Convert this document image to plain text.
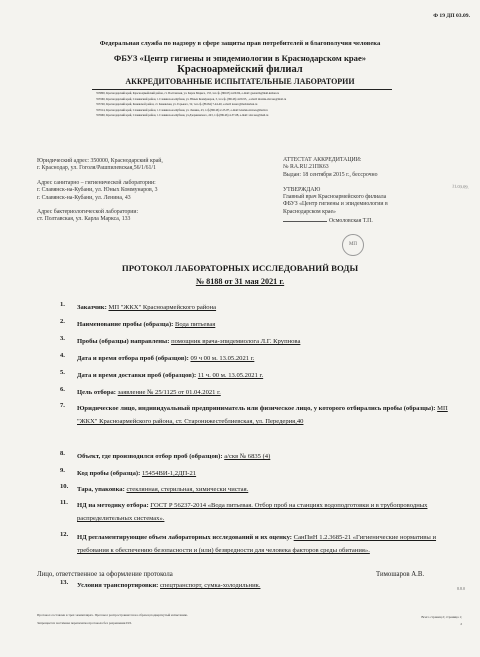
Ф 19 ДП 03.09.
Федеральная служба по надзору в сфере защиты прав потребителей и благополучия человека
ФБУЗ «Центр гигиены и эпидемиологии в Краснодарском крае»
Красноармейский филиал
АККРЕДИТОВАННЫЕ ИСПЫТАТЕЛЬНЫЕ ЛАБОРАТОРИИ
353800, Краснодарский край, Красноармейский район, ст. Полтавская, ул. Карла Маркса, 133, тел./ф. (86165) 4-09-84, e-mail: gsenarm@mail.kuban.ru
353560, Краснодарский край, Славянский район, г. Славянск-на-Кубани, ул. Юных Коммунаров, 3, тел./ф. (86146) 4-09-95, , e-mail: kisslak-slavses@mail.ru
353740, Краснодарский край, Каневской район, ст. Каневская, ул. Горького, 52, тел./ф. (86164) 7-44-40, e-mail: kasev@mail.kuban.ru
353514, Краснодарский край, Славянский район, г. Славянск-на-Кубани, ул. Ленина, 43, т./ф.(86146) 2-25-87, e-mail: kisslak-slavses@mail.ru
353960, Краснодарский край, Славянский район, г. Славянск-на-Кубани, ул.Дзержинского, 243, т./ф.(86146) 4-37-68, e-mail: slav.ses@mail.ru
Юридический адрес: 350000, Краснодарский край,
г. Краснодар, ул. Гоголя/Рашпилевская,56/1/61/1
Адрес санитарно – гигиенической лаборатории:
г. Славянск-на-Кубани, ул. Юных Коммунаров, 3
г. Славянск-на-Кубани, ул. Ленина, 43
Адрес бактериологической лаборатории:
ст. Полтавская, ул. Карла Маркса, 133
АТТЕСТАТ АККРЕДИТАЦИИ:
№ RA.RU.21ПК63
Выдан: 18 сентября 2015 г., бессрочно
УТВЕРЖДАЮ
Главный врач Красноармейского филиала
ФБУЗ «Центр гигиены и эпидемиологии в
Краснодарском крае»
Осмоловская Т.П.
11.03.09.
МП
ПРОТОКОЛ ЛАБОРАТОРНЫХ ИССЛЕДОВАНИЙ ВОДЫ
№ 8188 от 31 мая 2021 г.
1. Заказчик: МП "ЖКХ" Красноармейского района
2. Наименование пробы (образца): Вода питьевая
3. Пробы (образцы) направлены: помощник врача-эпидемиолога Л.Г. Крупнова
4. Дата и время отбора проб (образцов): 09 ч 00 м. 13.05.2021 г.
5. Дата и время доставки проб (образцов): 11 ч. 00 м. 13.05.2021 г.
6. Цель отбора: заявление № 25/1125 от 01.04.2021 г.
7. Юридическое лицо, индивидуальный предприниматель или физическое лицо, у которого отбирались пробы (образцы): МП "ЖКХ" Красноармейского района, ст. Старонижестеблиевская, ул. Передерия,40
8. Объект, где производился отбор проб (образцов): а/скв № 6835 (4)
9. Код пробы (образца): 15454ВИ-1,2ДП-21
10. Тара, упаковка: стеклянная, стерильная, химически чистая.
11. НД на методику отбора: ГОСТ Р 56237-2014 «Вода питьевая. Отбор проб на станциях водоподготовки и в трубопроводных распределительных системах».
12. НД регламентирующие объем лабораторных исследований и их оценку: СанПиН 1.2.3685-21 «Гигиенические нормативы и требования к обеспечению безопасности и (или) безвредности для человека факторов среды обитания».
13. Условия транспортировки: спецтранспорт, сумка-холодильник.
Лицо, ответственное за оформление протокола	Тимошаров А.В.
8.8.0
Протокол составлен в трех экземплярах. Протокол распространяется на образец подвергнутый испытанию.
Запрещается частичная перепечатка протокола без разрешения ИЛ.
Всего страниц 2; страница 1;
2
